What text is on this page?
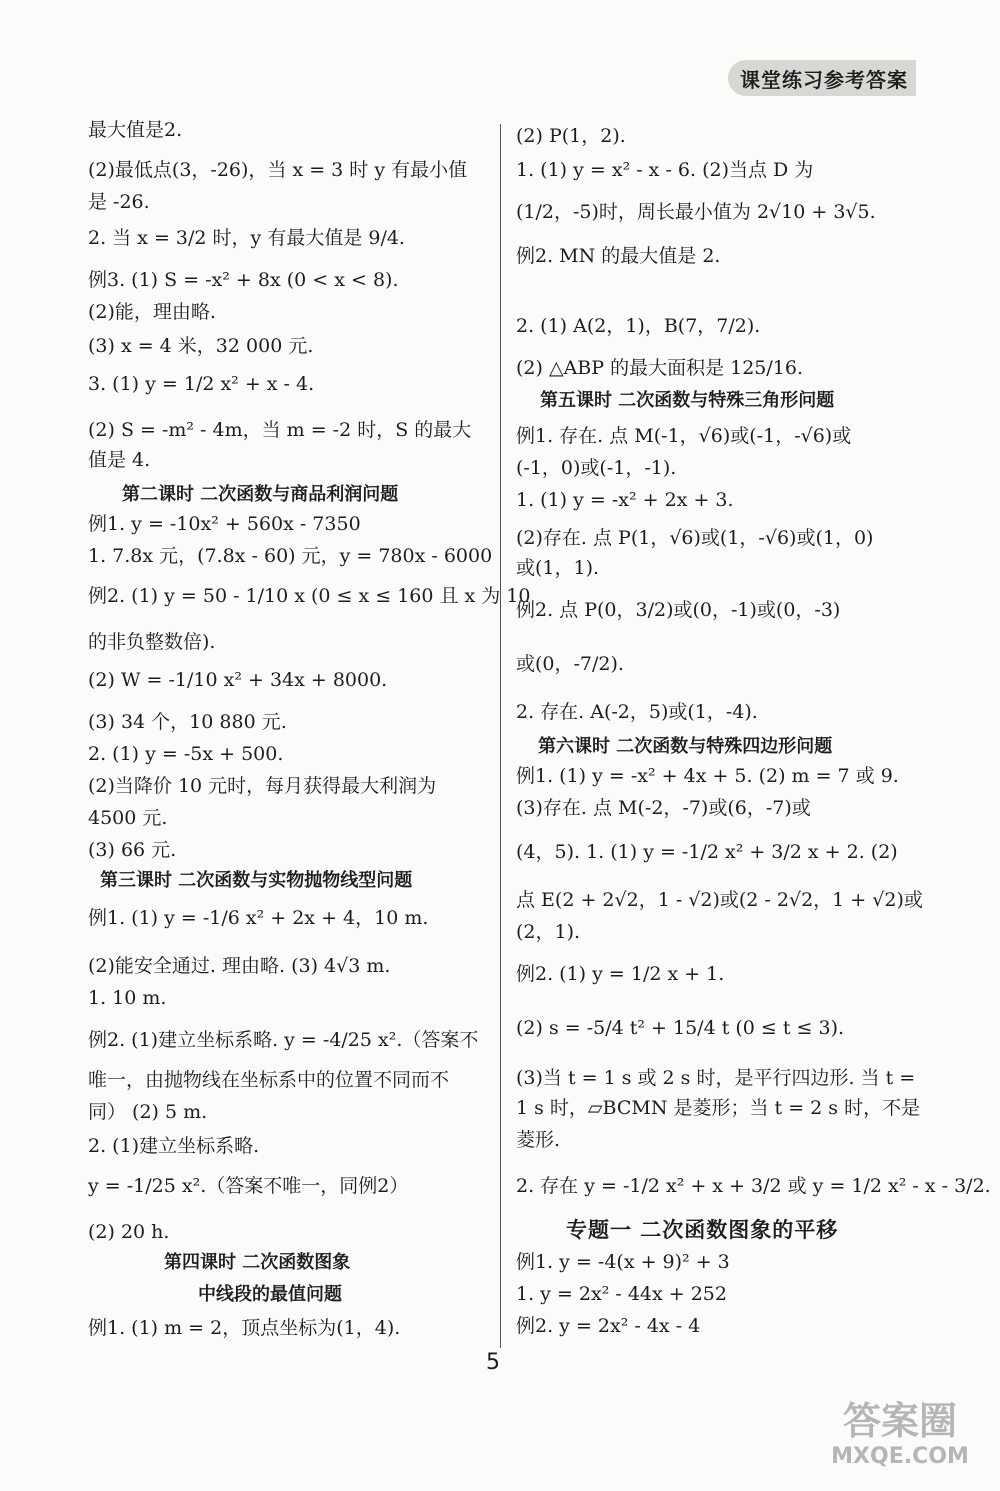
课堂练习参考答案
最大值是2.
(2)最低点(3，-26)，当 x = 3 时 y 有最小值
是 -26.
2. 当 x = 3/2 时，y 有最大值是 9/4.
例3. (1) S = -x² + 8x (0 < x < 8).
(2)能，理由略.
(3) x = 4 米，32 000 元.
3. (1) y = 1/2 x² + x - 4.
(2) S = -m² - 4m，当 m = -2 时，S 的最大
值是 4.
第二课时 二次函数与商品利润问题
例1. y = -10x² + 560x - 7350
1. 7.8x 元，(7.8x - 60) 元，y = 780x - 6000
例2. (1) y = 50 - 1/10 x (0 ≤ x ≤ 160 且 x 为 10
的非负整数倍).
(2) W = -1/10 x² + 34x + 8000.
(3) 34 个，10 880 元.
2. (1) y = -5x + 500.
(2)当降价 10 元时，每月获得最大利润为
4500 元.
(3) 66 元.
第三课时 二次函数与实物抛物线型问题
例1. (1) y = -1/6 x² + 2x + 4，10 m.
(2)能安全通过. 理由略. (3) 4√3 m.
1. 10 m.
例2. (1)建立坐标系略. y = -4/25 x².（答案不
唯一，由抛物线在坐标系中的位置不同而不
同） (2) 5 m.
2. (1)建立坐标系略.
y = -1/25 x².（答案不唯一，同例2）
(2) 20 h.
第四课时 二次函数图象
中线段的最值问题
例1. (1) m = 2，顶点坐标为(1，4).
(2) P(1，2).
1. (1) y = x² - x - 6. (2)当点 D 为
(1/2，-5)时，周长最小值为 2√10 + 3√5.
例2. MN 的最大值是 2.
2. (1) A(2，1)，B(7，7/2).
(2) △ABP 的最大面积是 125/16.
第五课时 二次函数与特殊三角形问题
例1. 存在. 点 M(-1，√6)或(-1，-√6)或
(-1，0)或(-1，-1).
1. (1) y = -x² + 2x + 3.
(2)存在. 点 P(1，√6)或(1，-√6)或(1，0)
或(1，1).
例2. 点 P(0，3/2)或(0，-1)或(0，-3)
或(0，-7/2).
2. 存在. A(-2，5)或(1，-4).
第六课时 二次函数与特殊四边形问题
例1. (1) y = -x² + 4x + 5. (2) m = 7 或 9.
(3)存在. 点 M(-2，-7)或(6，-7)或
(4，5). 1. (1) y = -1/2 x² + 3/2 x + 2. (2)
点 E(2 + 2√2，1 - √2)或(2 - 2√2，1 + √2)或
(2，1).
例2. (1) y = 1/2 x + 1.
(2) s = -5/4 t² + 15/4 t (0 ≤ t ≤ 3).
(3)当 t = 1 s 或 2 s 时，是平行四边形. 当 t =
1 s 时，▱BCMN 是菱形；当 t = 2 s 时，不是
菱形.
2. 存在 y = -1/2 x² + x + 3/2 或 y = 1/2 x² - x - 3/2.
专题一 二次函数图象的平移
例1. y = -4(x + 9)² + 3
1. y = 2x² - 44x + 252
例2. y = 2x² - 4x - 4
5
答案圈
MXQE.COM
